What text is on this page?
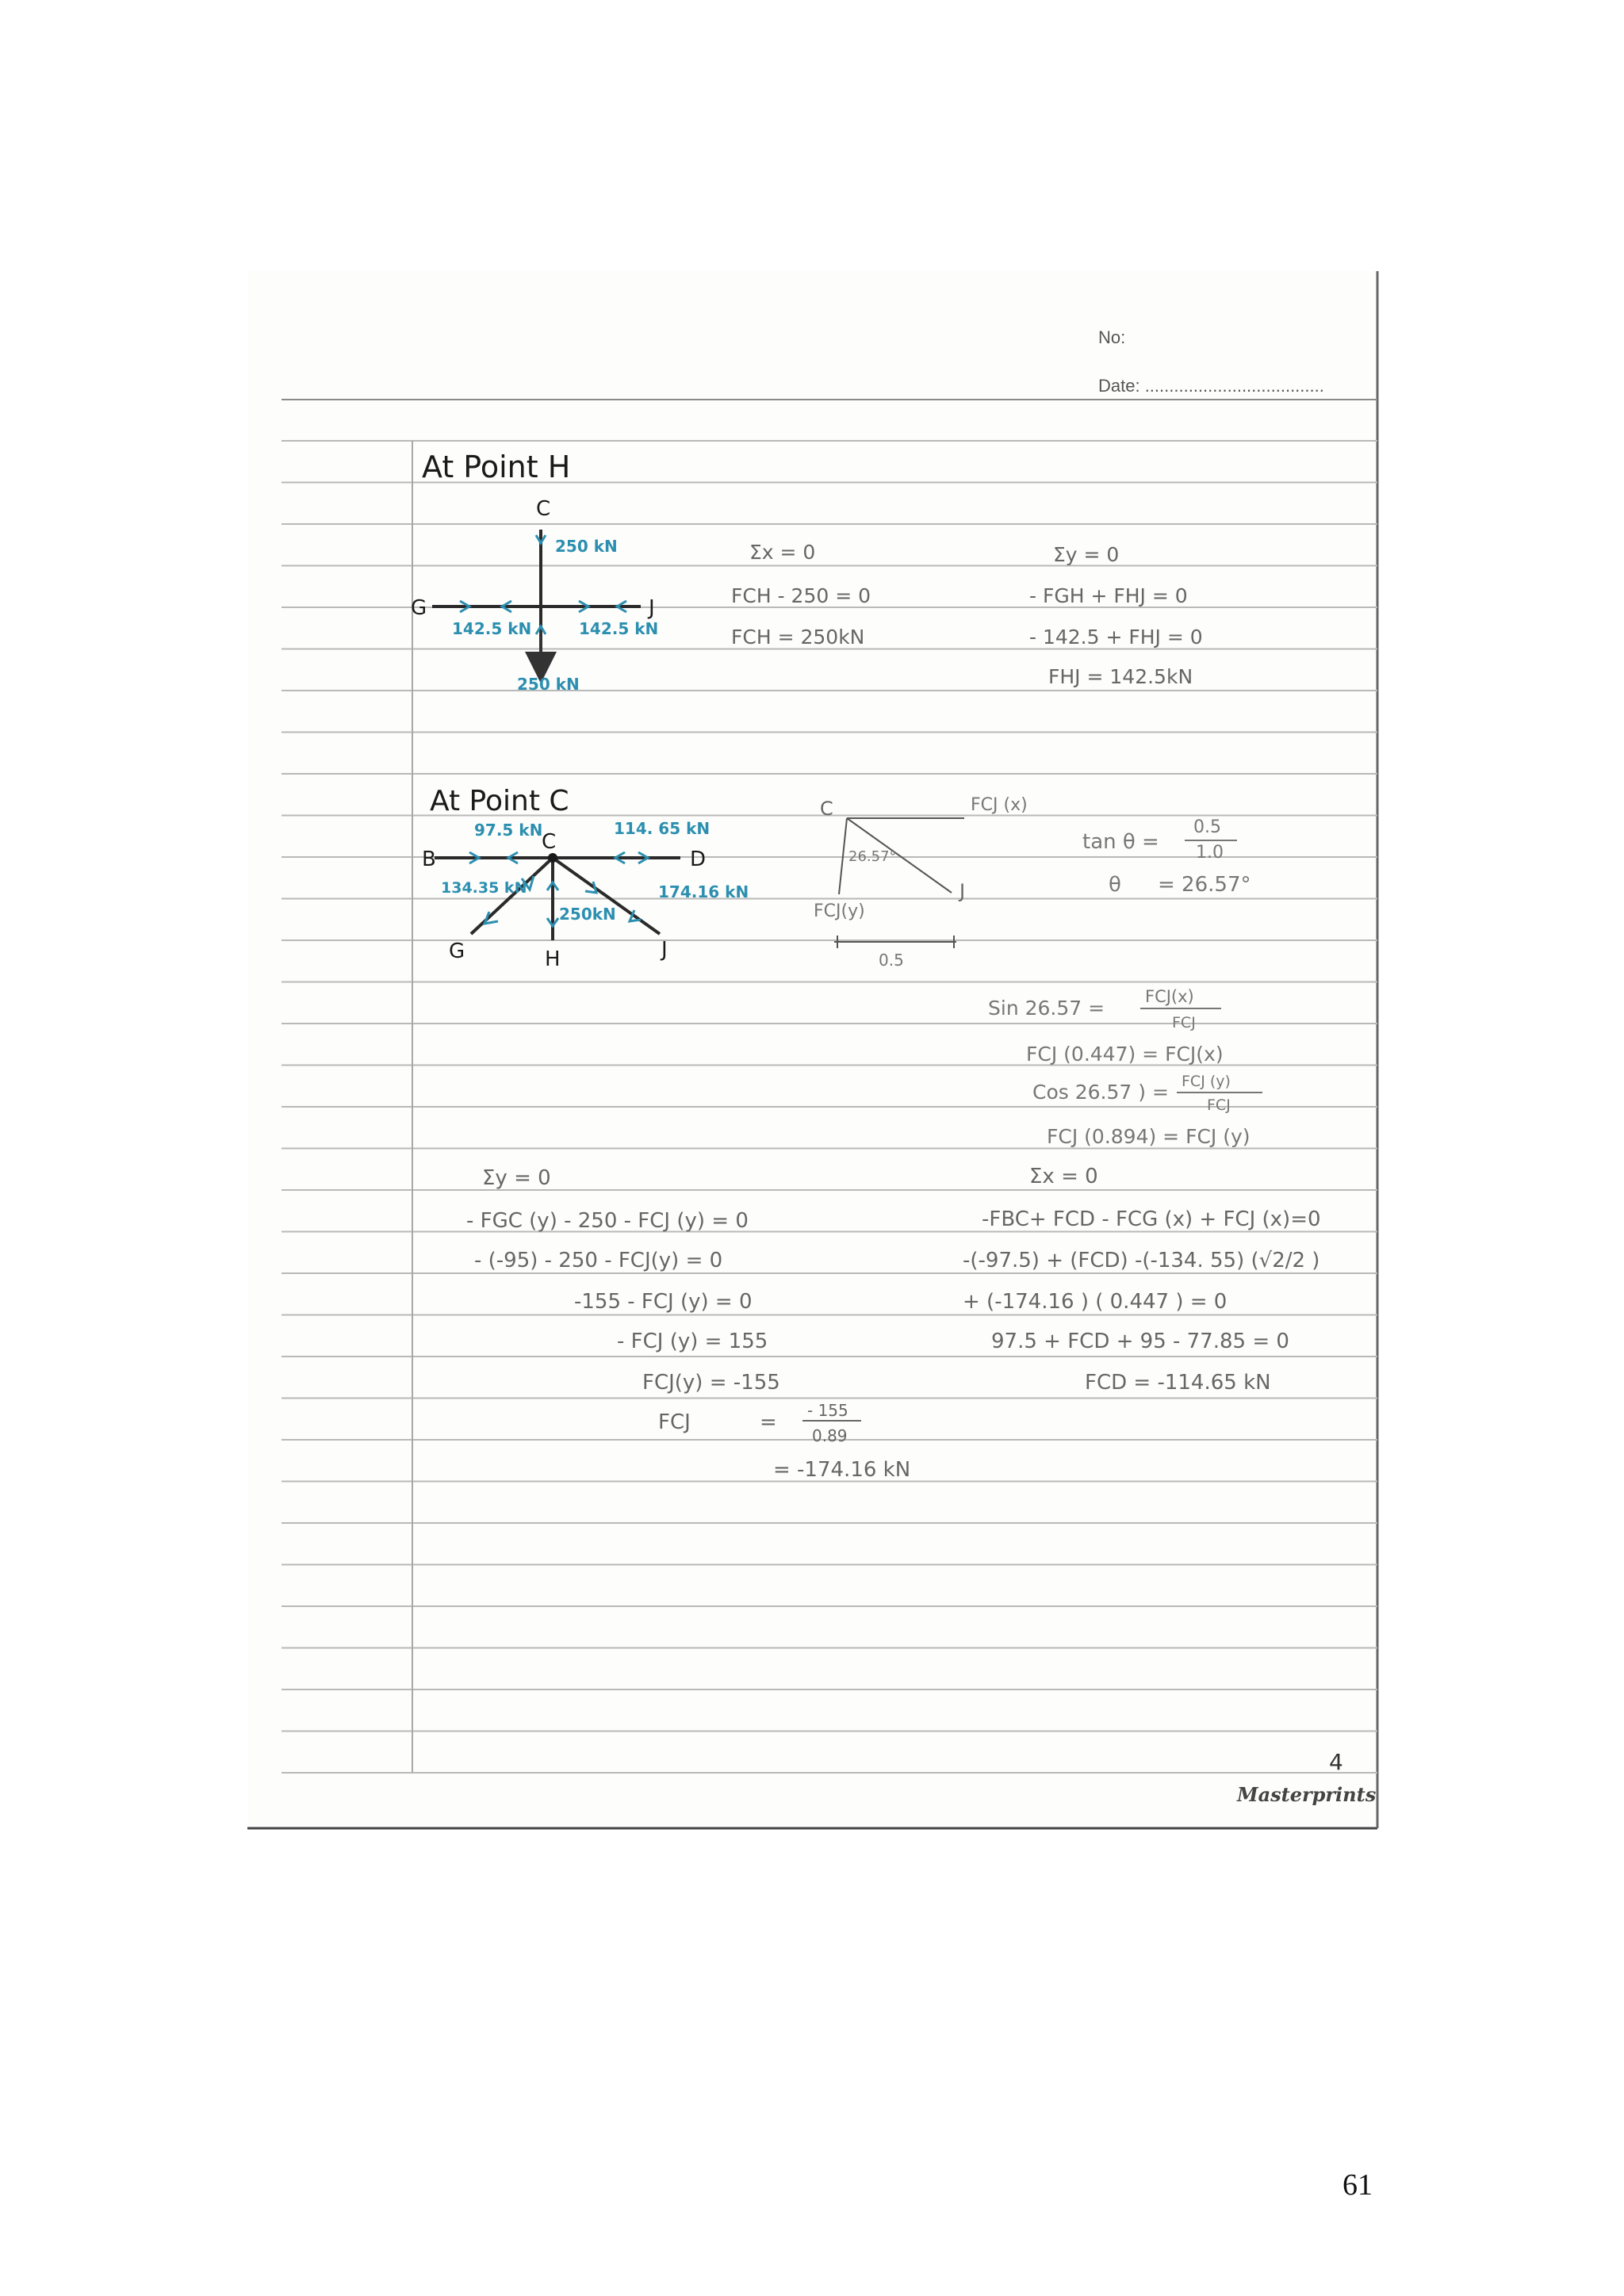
No:
Date: .....................................
At Point H
C
G	J
250 kN
142.5 kN	142.5 kN
250 kN
Σx = 0
FCH - 250 = 0
FCH = 250kN
Σy = 0
- FGH + FHJ = 0
- 142.5 + FHJ = 0
FHJ = 142.5kN
At Point C
B
C
D
G	H	J
97.5 kN	114. 65 kN
134.35 kN
250kN
174.16 kN
C
J
FCJ (x)
FCJ(y)
26.57°
0.5
tan θ =
0.5
1.0
θ = 26.57°
Sin 26.57 = FCJ(x)
FCJ
FCJ (0.447) = FCJ(x)
Cos 26.57 ) = FCJ (y)
FCJ
FCJ (0.894) = FCJ (y)
Σy = 0
- FGC (y) - 250 - FCJ (y) = 0
- (-95) - 250 - FCJ(y) = 0
-155 - FCJ (y) = 0
- FCJ (y) = 155
FCJ(y) = -155
FCJ	= - 155
0.89
= -174.16 kN
Σx = 0
-FBC+ FCD - FCG (x) + FCJ (x)=0
-(-97.5) + (FCD) -(-134. 55) (√2/2 )
+ (-174.16 ) ( 0.447 ) = 0
97.5 + FCD + 95 - 77.85 = 0
FCD = -114.65 kN
4
Masterprints
61
